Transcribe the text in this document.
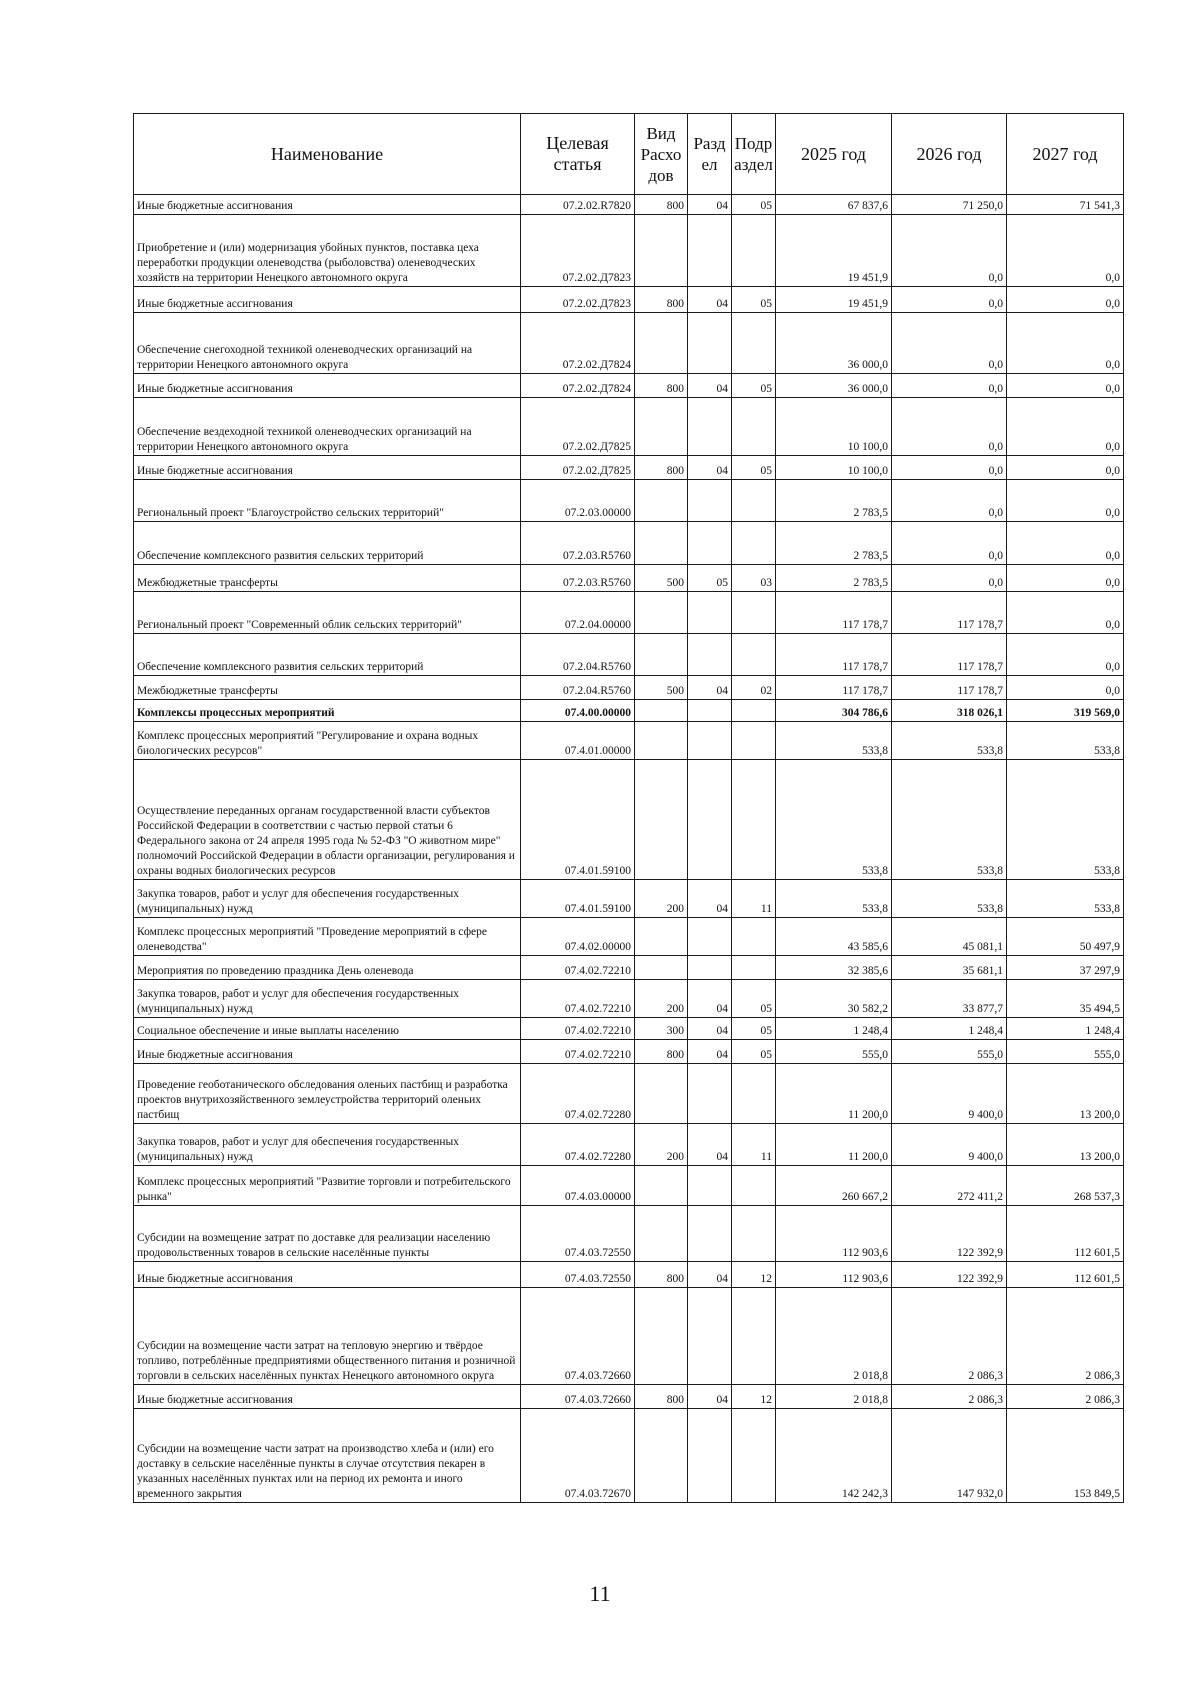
Наименование	Целевая статья	Вид Расхо дов	Разд ел	Подр аздел	2025 год	2026 год	2027 год
Иные бюджетные ассигнования	07.2.02.R7820	800	04	05	67 837,6	71 250,0	71 541,3
Приобретение и (или) модернизация убойных пунктов, поставка цеха переработки продукции оленеводства (рыболовства) оленеводческих хозяйств на территории Ненецкого автономного округа	07.2.02.Д7823				19 451,9	0,0	0,0
Иные бюджетные ассигнования	07.2.02.Д7823	800	04	05	19 451,9	0,0	0,0
Обеспечение снегоходной техникой оленеводческих организаций на территории Ненецкого автономного округа	07.2.02.Д7824				36 000,0	0,0	0,0
Иные бюджетные ассигнования	07.2.02.Д7824	800	04	05	36 000,0	0,0	0,0
Обеспечение вездеходной техникой оленеводческих организаций на территории Ненецкого автономного округа	07.2.02.Д7825				10 100,0	0,0	0,0
Иные бюджетные ассигнования	07.2.02.Д7825	800	04	05	10 100,0	0,0	0,0
Региональный проект "Благоустройство сельских территорий"	07.2.03.00000				2 783,5	0,0	0,0
Обеспечение комплексного развития сельских территорий	07.2.03.R5760				2 783,5	0,0	0,0
Межбюджетные трансферты	07.2.03.R5760	500	05	03	2 783,5	0,0	0,0
Региональный проект "Современный облик сельских территорий"	07.2.04.00000				117 178,7	117 178,7	0,0
Обеспечение комплексного развития сельских территорий	07.2.04.R5760				117 178,7	117 178,7	0,0
Межбюджетные трансферты	07.2.04.R5760	500	04	02	117 178,7	117 178,7	0,0
Комплексы процессных мероприятий	07.4.00.00000				304 786,6	318 026,1	319 569,0
Комплекс процессных мероприятий "Регулирование и охрана водных биологических ресурсов"	07.4.01.00000				533,8	533,8	533,8
Осуществление переданных органам государственной власти субъектов Российской Федерации в соответствии с частью первой статьи 6 Федерального закона от 24 апреля 1995 года № 52-ФЗ "О животном мире" полномочий Российской Федерации в области организации, регулирования и охраны водных биологических ресурсов	07.4.01.59100				533,8	533,8	533,8
Закупка товаров, работ и услуг для обеспечения государственных (муниципальных) нужд	07.4.01.59100	200	04	11	533,8	533,8	533,8
Комплекс процессных мероприятий "Проведение мероприятий в сфере оленеводства"	07.4.02.00000				43 585,6	45 081,1	50 497,9
Мероприятия по проведению праздника День оленевода	07.4.02.72210				32 385,6	35 681,1	37 297,9
Закупка товаров, работ и услуг для обеспечения государственных (муниципальных) нужд	07.4.02.72210	200	04	05	30 582,2	33 877,7	35 494,5
Социальное обеспечение и иные выплаты населению	07.4.02.72210	300	04	05	1 248,4	1 248,4	1 248,4
Иные бюджетные ассигнования	07.4.02.72210	800	04	05	555,0	555,0	555,0
Проведение геоботанического обследования оленьих пастбищ и разработка проектов внутрихозяйственного землеустройства территорий оленьих пастбищ	07.4.02.72280				11 200,0	9 400,0	13 200,0
Закупка товаров, работ и услуг для обеспечения государственных (муниципальных) нужд	07.4.02.72280	200	04	11	11 200,0	9 400,0	13 200,0
Комплекс процессных мероприятий "Развитие торговли и потребительского рынка"	07.4.03.00000				260 667,2	272 411,2	268 537,3
Субсидии на возмещение затрат по доставке для реализации населению продовольственных товаров в сельские населённые пункты	07.4.03.72550				112 903,6	122 392,9	112 601,5
Иные бюджетные ассигнования	07.4.03.72550	800	04	12	112 903,6	122 392,9	112 601,5
Субсидии на возмещение части затрат на тепловую энергию и твёрдое топливо, потреблённые предприятиями общественного питания и розничной торговли в сельских населённых пунктах Ненецкого автономного округа	07.4.03.72660				2 018,8	2 086,3	2 086,3
Иные бюджетные ассигнования	07.4.03.72660	800	04	12	2 018,8	2 086,3	2 086,3
Субсидии на возмещение части затрат на производство хлеба и (или) его доставку в сельские населённые пункты в случае отсутствия пекарен в указанных населённых пунктах или на период их ремонта и иного временного закрытия	07.4.03.72670				142 242,3	147 932,0	153 849,5
11
